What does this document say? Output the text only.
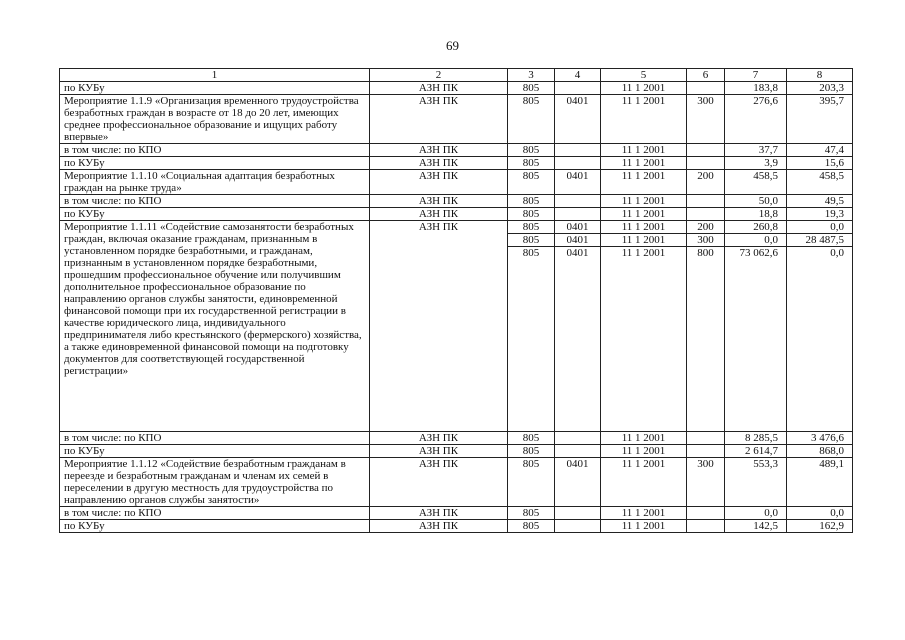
69
1	2	3	4	5	6	7	8
по КУБу	АЗН ПК	805		11 1 2001		183,8	203,3
Мероприятие 1.1.9 «Организация временного трудоустройства безработных граждан в возрасте от 18 до 20 лет, имеющих среднее профессиональное образование и ищущих работу впервые»	АЗН ПК	805	0401	11 1 2001	300	276,6	395,7
в том числе: по КПО	АЗН ПК	805		11 1 2001		37,7	47,4
по КУБу	АЗН ПК	805		11 1 2001		3,9	15,6
Мероприятие 1.1.10 «Социальная адаптация безработных граждан на рынке труда»	АЗН ПК	805	0401	11 1 2001	200	458,5	458,5
в том числе: по КПО	АЗН ПК	805		11 1 2001		50,0	49,5
по КУБу	АЗН ПК	805		11 1 2001		18,8	19,3
Мероприятие 1.1.11 «Содействие самозанятости безработных граждан, включая оказание гражданам, признанным в установленном порядке безработными, и гражданам, признанным в установленном порядке безработными, прошедшим профессиональное обучение или получившим дополнительное профессиональное образование по направлению органов службы занятости, единовременной финансовой помощи при их государственной регистрации в качестве юридического лица, индивидуального предпринимателя либо крестьянского (фермерского) хозяйства, а также единовременной финансовой помощи на подготовку документов для соответствующей государственной регистрации»	АЗН ПК	805	0401	11 1 2001	200	260,8	0,0
		805	0401	11 1 2001	300	0,0	28 487,5
		805	0401	11 1 2001	800	73 062,6	0,0
в том числе: по КПО	АЗН ПК	805		11 1 2001		8 285,5	3 476,6
по КУБу	АЗН ПК	805		11 1 2001		2 614,7	868,0
Мероприятие 1.1.12 «Содействие безработным гражданам в переезде и безработным гражданам и членам их семей в переселении в другую местность для трудоустройства по направлению органов службы занятости»	АЗН ПК	805	0401	11 1 2001	300	553,3	489,1
в том числе: по КПО	АЗН ПК	805		11 1 2001		0,0	0,0
по КУБу	АЗН ПК	805		11 1 2001		142,5	162,9
